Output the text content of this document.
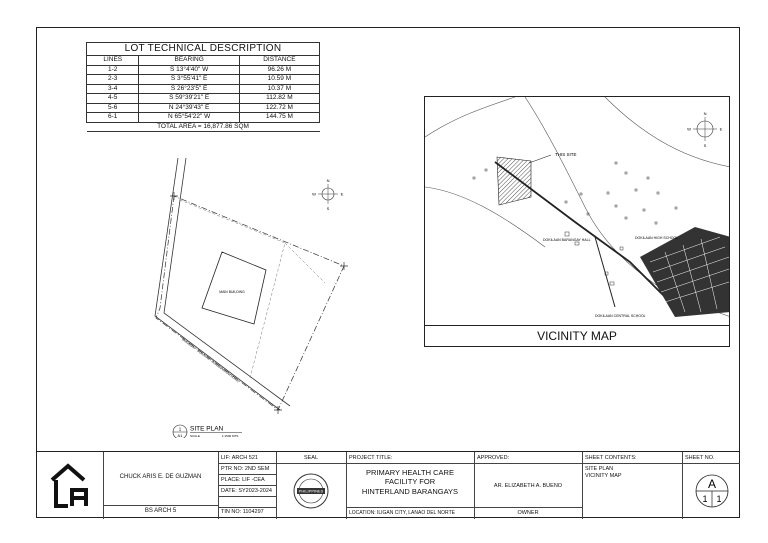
LOT TECHNICAL DESCRIPTION		
LINES	BEARING	DISTANCE
1-2	S 13°4'40" W	96.26 M
2-3	S 3°55'41" E	10.59 M
3-4	S 26°23'5" E	10.37 M
4-5	S 59°39'21" E	112.82 M
5-6	N 24°39'43" E	122.72 M
6-1	N 65°54'22" W	144.75 M
TOTAL AREA = 16,877.86 SQM		
MAIN BUILDING
BARANGAY - BOROKAN - ROAD(NARROW ROAD)
N
W	E
S
1
A1
SITE PLAN
SCALE	1:1500 MTS
THIS SITE
DOKILAAN BARANGAY HALL	DOKILAAN HIGH SCHOOL
DOKILAAN CENTRAL SCHOOL
N
W	E
S
VICINITY MAP
CHUCK ARIS E. DE GUZMAN
BS ARCH 5
LIF: ARCH 521
PTR NO: 2ND SEM
PLACE: LIF -CEA
DATE: SY2023-2024
TIN NO: 1104297
SEAL
PHILIPPINES
PROJECT TITLE:
PRIMARY HEALTH CARE
FACILITY FOR
HINTERLAND BARANGAYS
LOCATION: ILIGAN CITY, LANAO DEL NORTE
APPROVED:
AR. ELIZABETH A. BUENO
OWNER
SHEET CONTENTS:
SITE PLAN
VICINITY MAP
SHEET NO.
A
1 1
